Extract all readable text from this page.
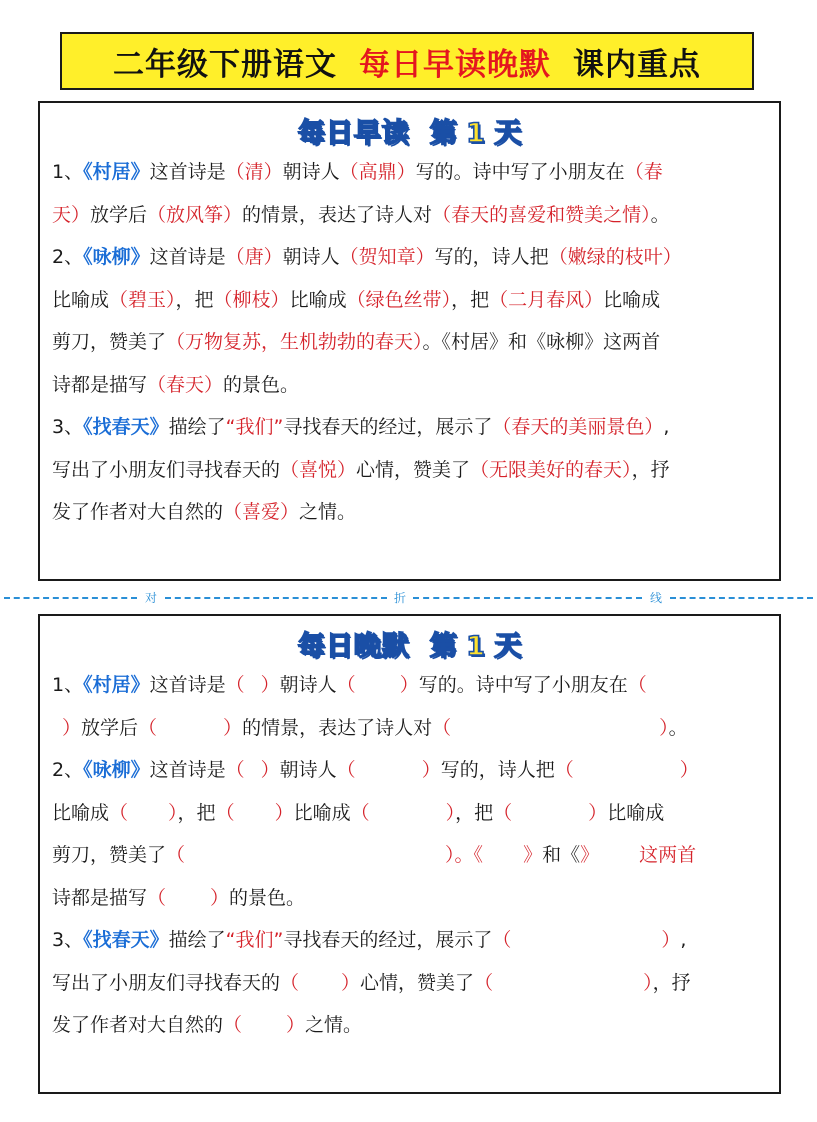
二年级下册语文 每日早读晚默 课内重点
每日早读 第 1 天
1、《村居》这首诗是（清）朝诗人（高鼎）写的。诗中写了小朋友在（春
天）放学后（放风筝）的情景，表达了诗人对（春天的喜爱和赞美之情）。
2、《咏柳》这首诗是（唐）朝诗人（贺知章）写的，诗人把（嫩绿的枝叶）
比喻成（碧玉），把（柳枝）比喻成（绿色丝带），把（二月春风）比喻成
剪刀，赞美了（万物复苏，生机勃勃的春天）。《村居》和《咏柳》这两首
诗都是描写（春天）的景色。
3、《找春天》描绘了“我们”寻找春天的经过，展示了（春天的美丽景色）,
写出了小朋友们寻找春天的（喜悦）心情，赞美了（无限美好的春天），抒
发了作者对大自然的（喜爱）之情。
对	折	线
每日晚默 第 1 天
1、《村居》这首诗是（ ）朝诗人（ ）写的。诗中写了小朋友在（
）放学后（	）的情景，表达了诗人对（	）。
2、《咏柳》这首诗是（ ）朝诗人（	）写的，诗人把（	）
比喻成（ ），把（ ）比喻成（	），把（	）比喻成
剪刀，赞美了（	）。《 》和《》 这两首
诗都是描写（ ）的景色。
3、《找春天》描绘了“我们”寻找春天的经过，展示了（	）,
写出了小朋友们寻找春天的（ ）心情，赞美了（	），抒
发了作者对大自然的（ ）之情。
